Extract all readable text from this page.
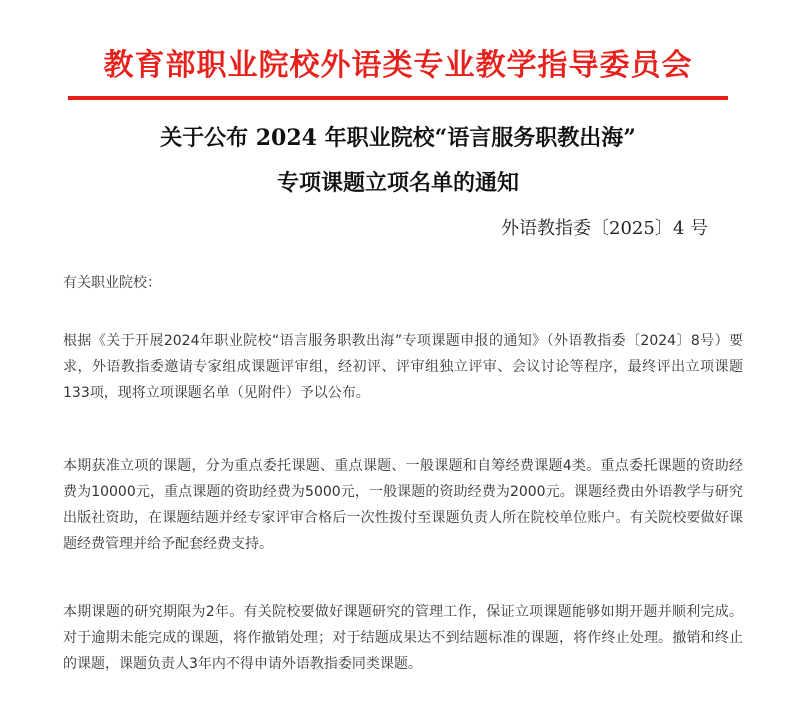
教育部职业院校外语类专业教学指导委员会
关于公布 2024 年职业院校“语言服务职教出海”
专项课题立项名单的通知
外语教指委〔2025〕4 号

有关职业院校：

根据《关于开展2024年职业院校“语言服务职教出海”专项课题申报的通知》（外语教指委〔2024〕8号）要求，外语教指委邀请专家组成课题评审组，经初评、评审组独立评审、会议讨论等程序，最终评出立项课题133项，现将立项课题名单（见附件）予以公布。

本期获准立项的课题，分为重点委托课题、重点课题、一般课题和自筹经费课题4类。重点委托课题的资助经费为10000元，重点课题的资助经费为5000元，一般课题的资助经费为2000元。课题经费由外语教学与研究出版社资助，在课题结题并经专家评审合格后一次性拨付至课题负责人所在院校单位账户。有关院校要做好课题经费管理并给予配套经费支持。

本期课题的研究期限为2年。有关院校要做好课题研究的管理工作，保证立项课题能够如期开题并顺利完成。对于逾期未能完成的课题，将作撤销处理；对于结题成果达不到结题标准的课题，将作终止处理。撤销和终止的课题，课题负责人3年内不得申请外语教指委同类课题。
